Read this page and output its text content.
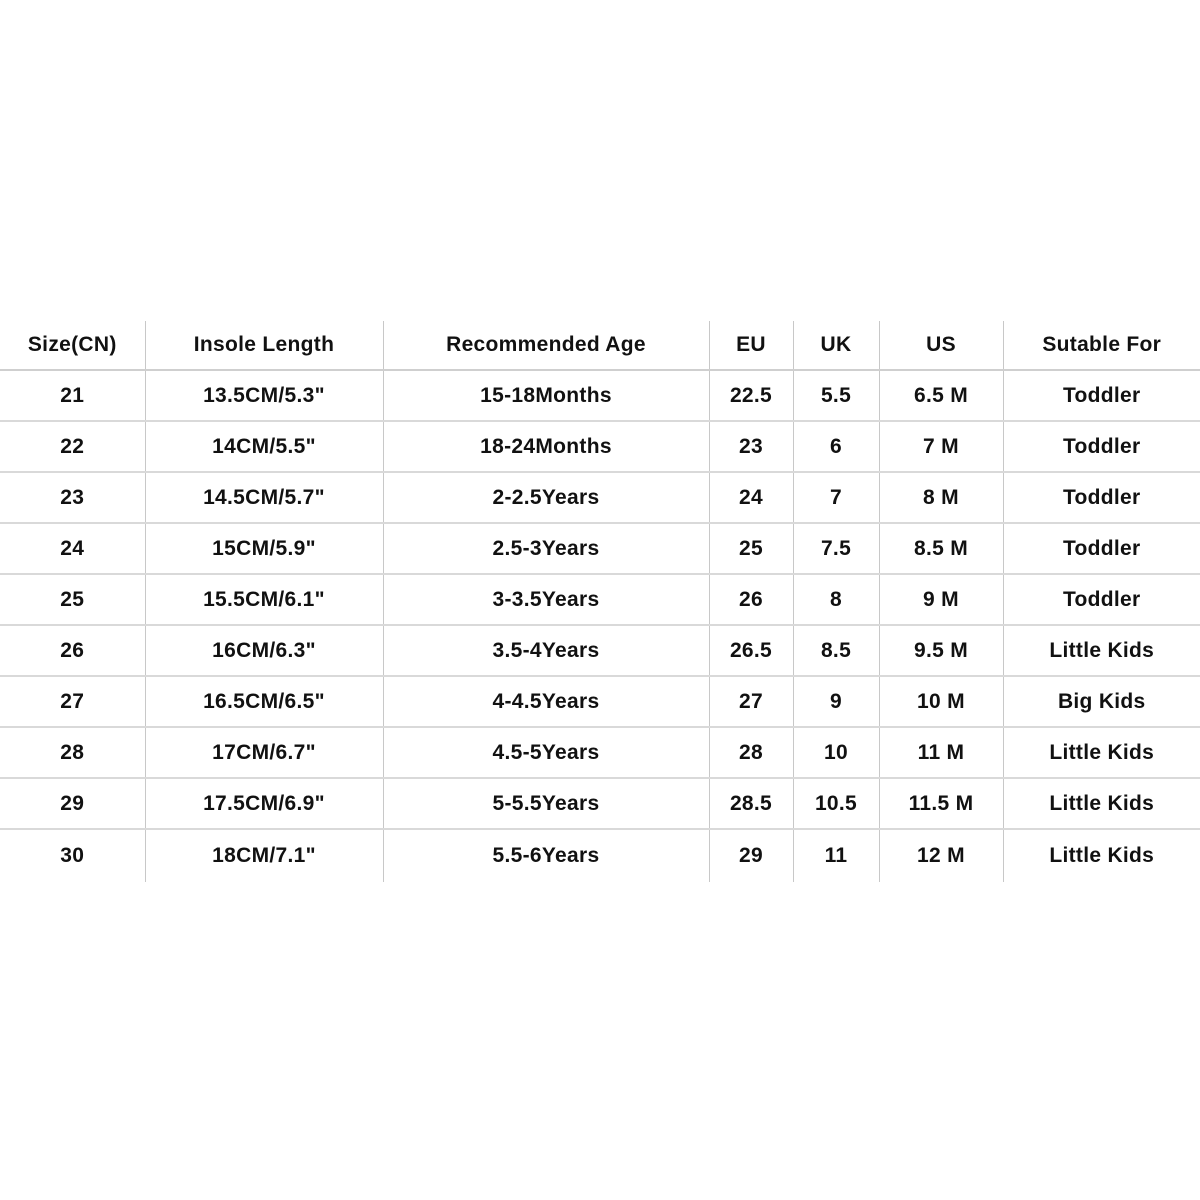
Size(CN)	Insole Length	Recommended Age	EU	UK	US	Sutable For
21	13.5CM/5.3"	15-18Months	22.5	5.5	6.5 M	Toddler
22	14CM/5.5"	18-24Months	23	6	7 M	Toddler
23	14.5CM/5.7"	2-2.5Years	24	7	8 M	Toddler
24	15CM/5.9"	2.5-3Years	25	7.5	8.5 M	Toddler
25	15.5CM/6.1"	3-3.5Years	26	8	9 M	Toddler
26	16CM/6.3"	3.5-4Years	26.5	8.5	9.5 M	Little Kids
27	16.5CM/6.5"	4-4.5Years	27	9	10 M	Big Kids
28	17CM/6.7"	4.5-5Years	28	10	11 M	Little Kids
29	17.5CM/6.9"	5-5.5Years	28.5	10.5	11.5 M	Little Kids
30	18CM/7.1"	5.5-6Years	29	11	12 M	Little Kids
